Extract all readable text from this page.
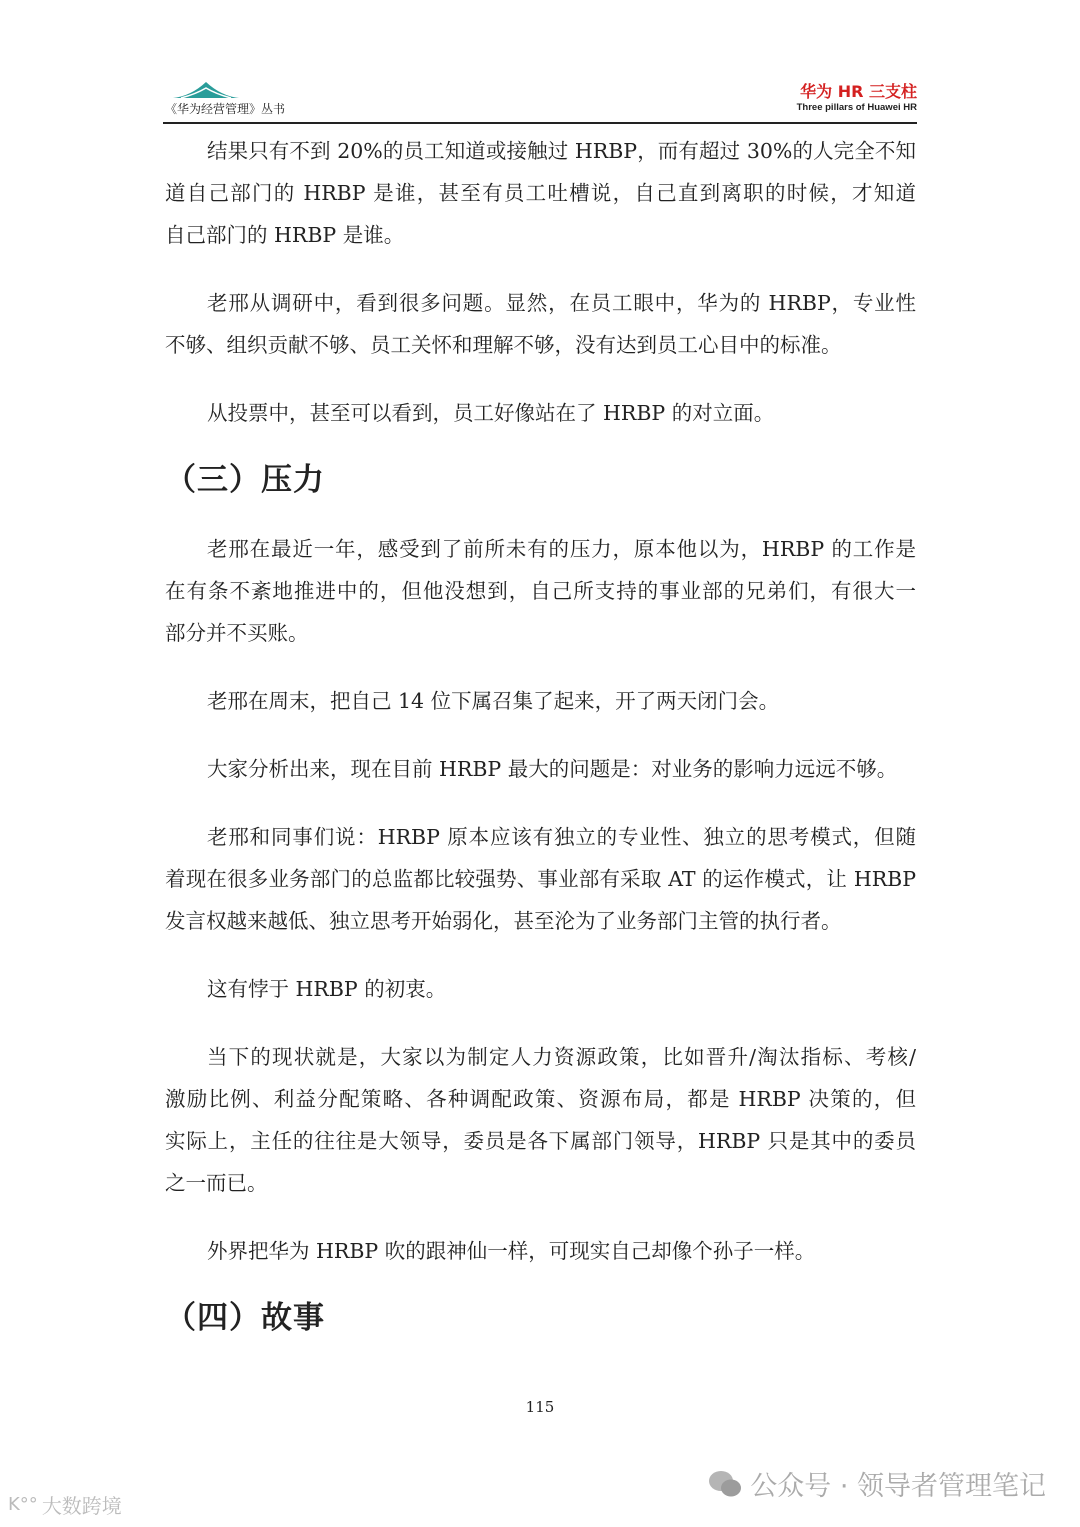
《华为经营管理》丛书
华为 HR 三支柱
Three pillars of Huawei HR
结果只有不到 20%的员工知道或接触过 HRBP，而有超过 30%的人完全不知
道自己部门的 HRBP 是谁，甚至有员工吐槽说，自己直到离职的时候，才知道
自己部门的 HRBP 是谁。
老邢从调研中，看到很多问题。显然，在员工眼中，华为的 HRBP，专业性
不够、组织贡献不够、员工关怀和理解不够，没有达到员工心目中的标准。
从投票中，甚至可以看到，员工好像站在了 HRBP 的对立面。
（三）压力
老邢在最近一年，感受到了前所未有的压力，原本他以为，HRBP 的工作是
在有条不紊地推进中的，但他没想到，自己所支持的事业部的兄弟们，有很大一
部分并不买账。
老邢在周末，把自己 14 位下属召集了起来，开了两天闭门会。
大家分析出来，现在目前 HRBP 最大的问题是：对业务的影响力远远不够。
老邢和同事们说：HRBP 原本应该有独立的专业性、独立的思考模式，但随
着现在很多业务部门的总监都比较强势、事业部有采取 AT 的运作模式，让 HRBP
发言权越来越低、独立思考开始弱化，甚至沦为了业务部门主管的执行者。
这有悖于 HRBP 的初衷。
当下的现状就是，大家以为制定人力资源政策，比如晋升/淘汰指标、考核/
激励比例、利益分配策略、各种调配政策、资源布局，都是 HRBP 决策的，但
实际上，主任的往往是大领导，委员是各下属部门领导，HRBP 只是其中的委员
之一而已。
外界把华为 HRBP 吹的跟神仙一样，可现实自己却像个孙子一样。
（四）故事
115
公众号 · 领导者管理笔记
K°° 大数跨境
